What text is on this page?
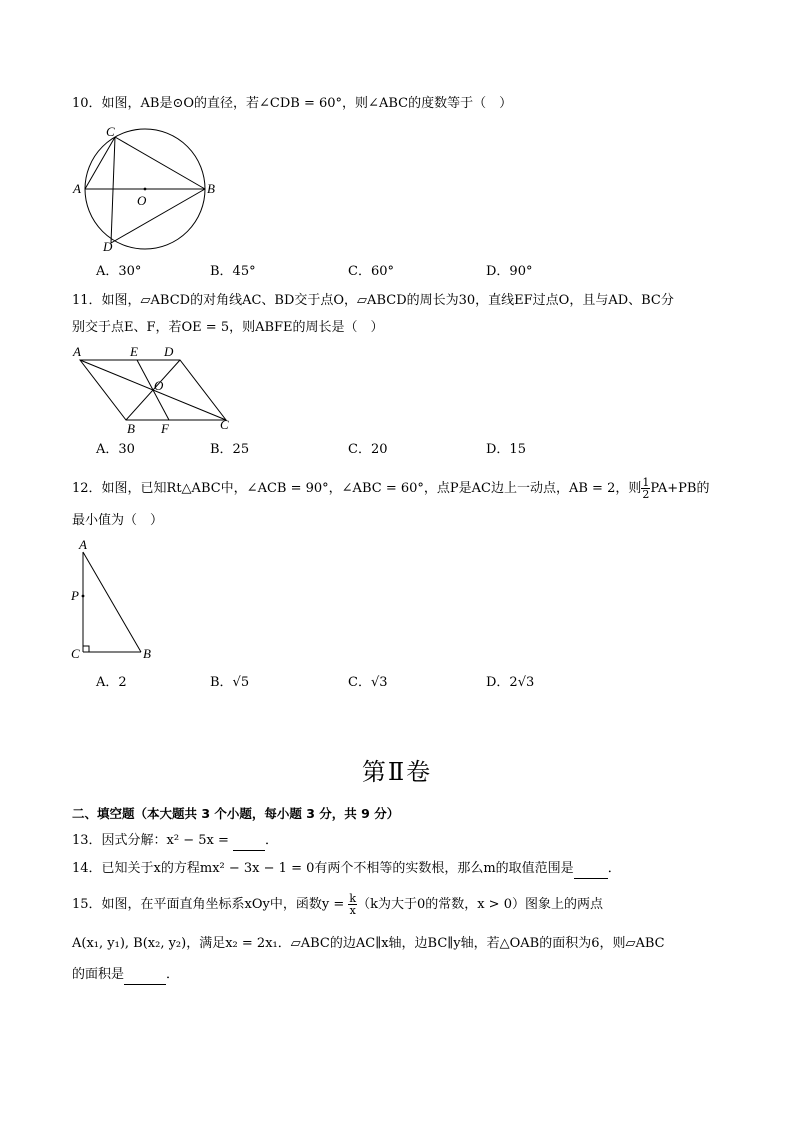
10．如图，AB是⊙O的直径，若∠CDB = 60°，则∠ABC的度数等于（　）
C
A
O
B
D
A．30°	B．45°	C．60°	D．90°
11．如图，▱ABCD的对角线AC、BD交于点O，▱ABCD的周长为30，直线EF过点O，且与AD、BC分
别交于点E、F，若OE = 5，则ABFE的周长是（　）
A	E D
O
B F	C
A．30	B．25	C．20	D．15
12．如图，已知Rt△ABC中，∠ACB = 90°，∠ABC = 60°，点P是AC边上一动点，AB = 2，则 $\frac{1}{2} PA+PB$的
最小值为（　）
A
P
C	B
A．2	B．√5	C．√3	D．2√3
第Ⅱ卷
二、填空题（本大题共 3 个小题，每小题 3 分，共 9 分）
13．因式分解：x² − 5x =  ．
14．已知关于x的方程mx² − 3x − 1 = 0有两个不相等的实数根，那么m的取值范围是	．
15．如图，在平面直角坐标系xOy中，函数$y = \frac{k}{x} (k$为大于0的常数，x > 0）图象上的两点
A(x₁, y₁), B(x₂, y₂)，满足x₂ = 2x₁．▱ABC的边AC∥x轴，边BC∥y轴，若△OAB的面积为6，则▱ABC
的面积是	．
